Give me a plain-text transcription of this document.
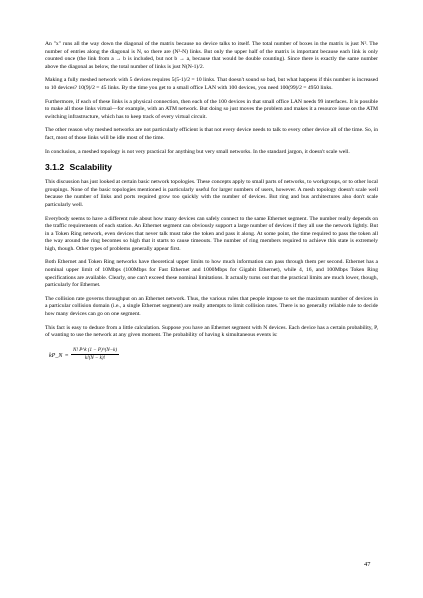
An "x" runs all the way down the diagonal of the matrix because no device talks to itself. The total number of boxes in the matrix is just N². The number of entries along the diagonal is N, so there are (N²-N) links. But only the upper half of the matrix is important because each link is only counted once (the link from a → b is included, but not b → a, because that would be double counting). Since there is exactly the same number above the diagonal as below, the total number of links is just N(N-1)/2.

Making a fully meshed network with 5 devices requires 5(5-1)/2 = 10 links. That doesn't sound so bad, but what happens if this number is increased to 10 devices? 10(9)/2 = 45 links. By the time you get to a small office LAN with 100 devices, you need 100(99)/2 = 4950 links.

Furthermore, if each of these links is a physical connection, then each of the 100 devices in that small office LAN needs 99 interfaces. It is possible to make all those links virtual—for example, with an ATM network. But doing so just moves the problem and makes it a resource issue on the ATM switching infrastructure, which has to keep track of every virtual circuit.

The other reason why meshed networks are not particularly efficient is that not every device needs to talk to every other device all of the time. So, in fact, most of those links will be idle most of the time.

In conclusion, a meshed topology is not very practical for anything but very small networks. In the standard jargon, it doesn't scale well.

3.1.2 Scalability

This discussion has just looked at certain basic network topologies. These concepts apply to small parts of networks, to workgroups, or to other local groupings. None of the basic topologies mentioned is particularly useful for larger numbers of users, however. A mesh topology doesn't scale well because the number of links and ports required grow too quickly with the number of devices. But ring and bus architectures also don't scale particularly well.

Everybody seems to have a different rule about how many devices can safely connect to the same Ethernet segment. The number really depends on the traffic requirements of each station. An Ethernet segment can obviously support a large number of devices if they all use the network lightly. But in a Token Ring network, even devices that never talk must take the token and pass it along. At some point, the time required to pass the token all the way around the ring becomes so high that it starts to cause timeouts. The number of ring members required to achieve this state is extremely high, though. Other types of problems generally appear first.

Both Ethernet and Token Ring networks have theoretical upper limits to how much information can pass through them per second. Ethernet has a nominal upper limit of 10Mbps (100Mbps for Fast Ethernet and 1000Mbps for Gigabit Ethernet), while 4, 16, and 100Mbps Token Ring specifications are available. Clearly, one can't exceed these nominal limitations. It actually turns out that the practical limits are much lower, though, particularly for Ethernet.

The collision rate governs throughput on an Ethernet network. Thus, the various rules that people impose to set the maximum number of devices in a particular collision domain (i.e., a single Ethernet segment) are really attempts to limit collision rates. There is no generally reliable rule to decide how many devices can go on one segment.

This fact is easy to deduce from a little calculation. Suppose you have an Ethernet segment with N devices. Each device has a certain probability, P, of wanting to use the network at any given moment. The probability of having k simultaneous events is:

kP_N = $\frac{N! P\^{}k (1 - P)\^{}(N-k)}{k!(N - k)!}$
47
